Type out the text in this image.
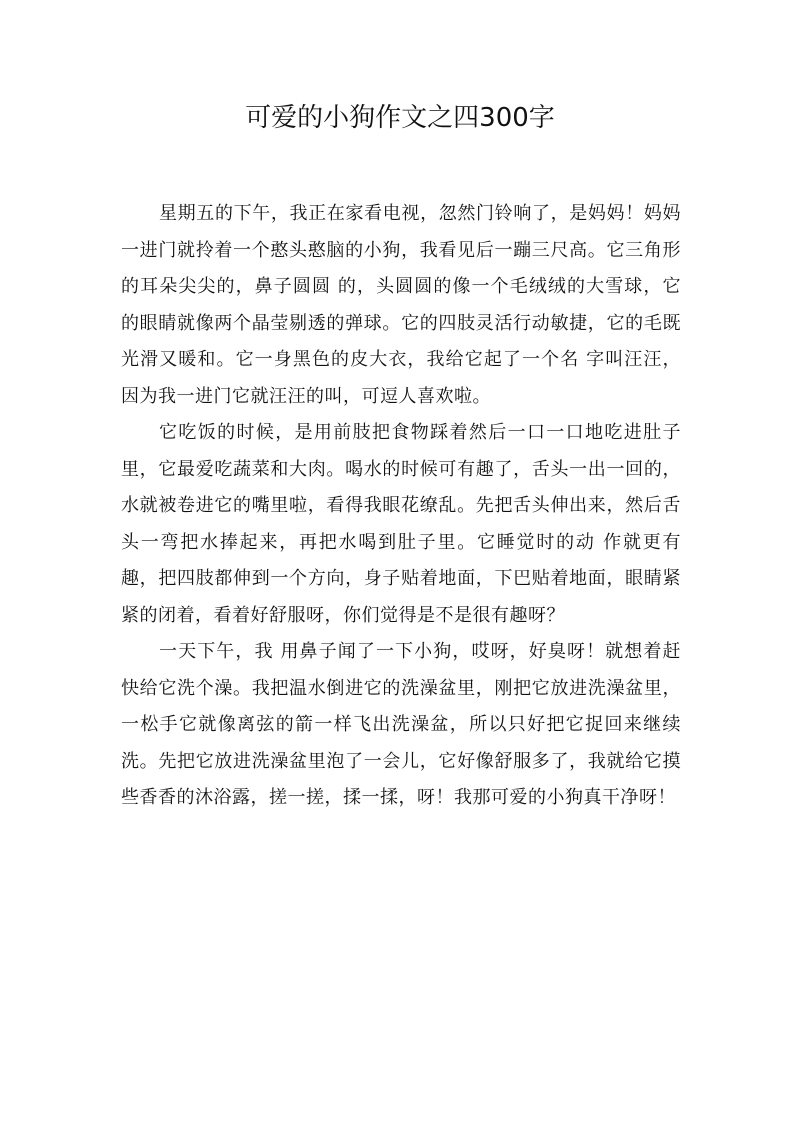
可爱的小狗作文之四300字

星期五的下午，我正在家看电视，忽然门铃响了，是妈妈！妈妈一进门就拎着一个憨头憨脑的小狗，我看见后一蹦三尺高。它三角形的耳朵尖尖的，鼻子圆圆 的，头圆圆的像一个毛绒绒的大雪球，它的眼睛就像两个晶莹剔透的弹球。它的四肢灵活行动敏捷，它的毛既光滑又暖和。它一身黑色的皮大衣，我给它起了一个名 字叫汪汪，因为我一进门它就汪汪的叫，可逗人喜欢啦。

它吃饭的时候，是用前肢把食物踩着然后一口一口地吃进肚子里，它最爱吃蔬菜和大肉。喝水的时候可有趣了，舌头一出一回的，水就被卷进它的嘴里啦，看得我眼花缭乱。先把舌头伸出来，然后舌头一弯把水捧起来，再把水喝到肚子里。它睡觉时的动 作就更有趣，把四肢都伸到一个方向，身子贴着地面，下巴贴着地面，眼睛紧紧的闭着，看着好舒服呀，你们觉得是不是很有趣呀？

一天下午，我 用鼻子闻了一下小狗，哎呀，好臭呀！就想着赶快给它洗个澡。我把温水倒进它的洗澡盆里，刚把它放进洗澡盆里，一松手它就像离弦的箭一样飞出洗澡盆，所以只好把它捉回来继续洗。先把它放进洗澡盆里泡了一会儿，它好像舒服多了，我就给它摸些香香的沐浴露，搓一搓，揉一揉，呀！我那可爱的小狗真干净呀！
